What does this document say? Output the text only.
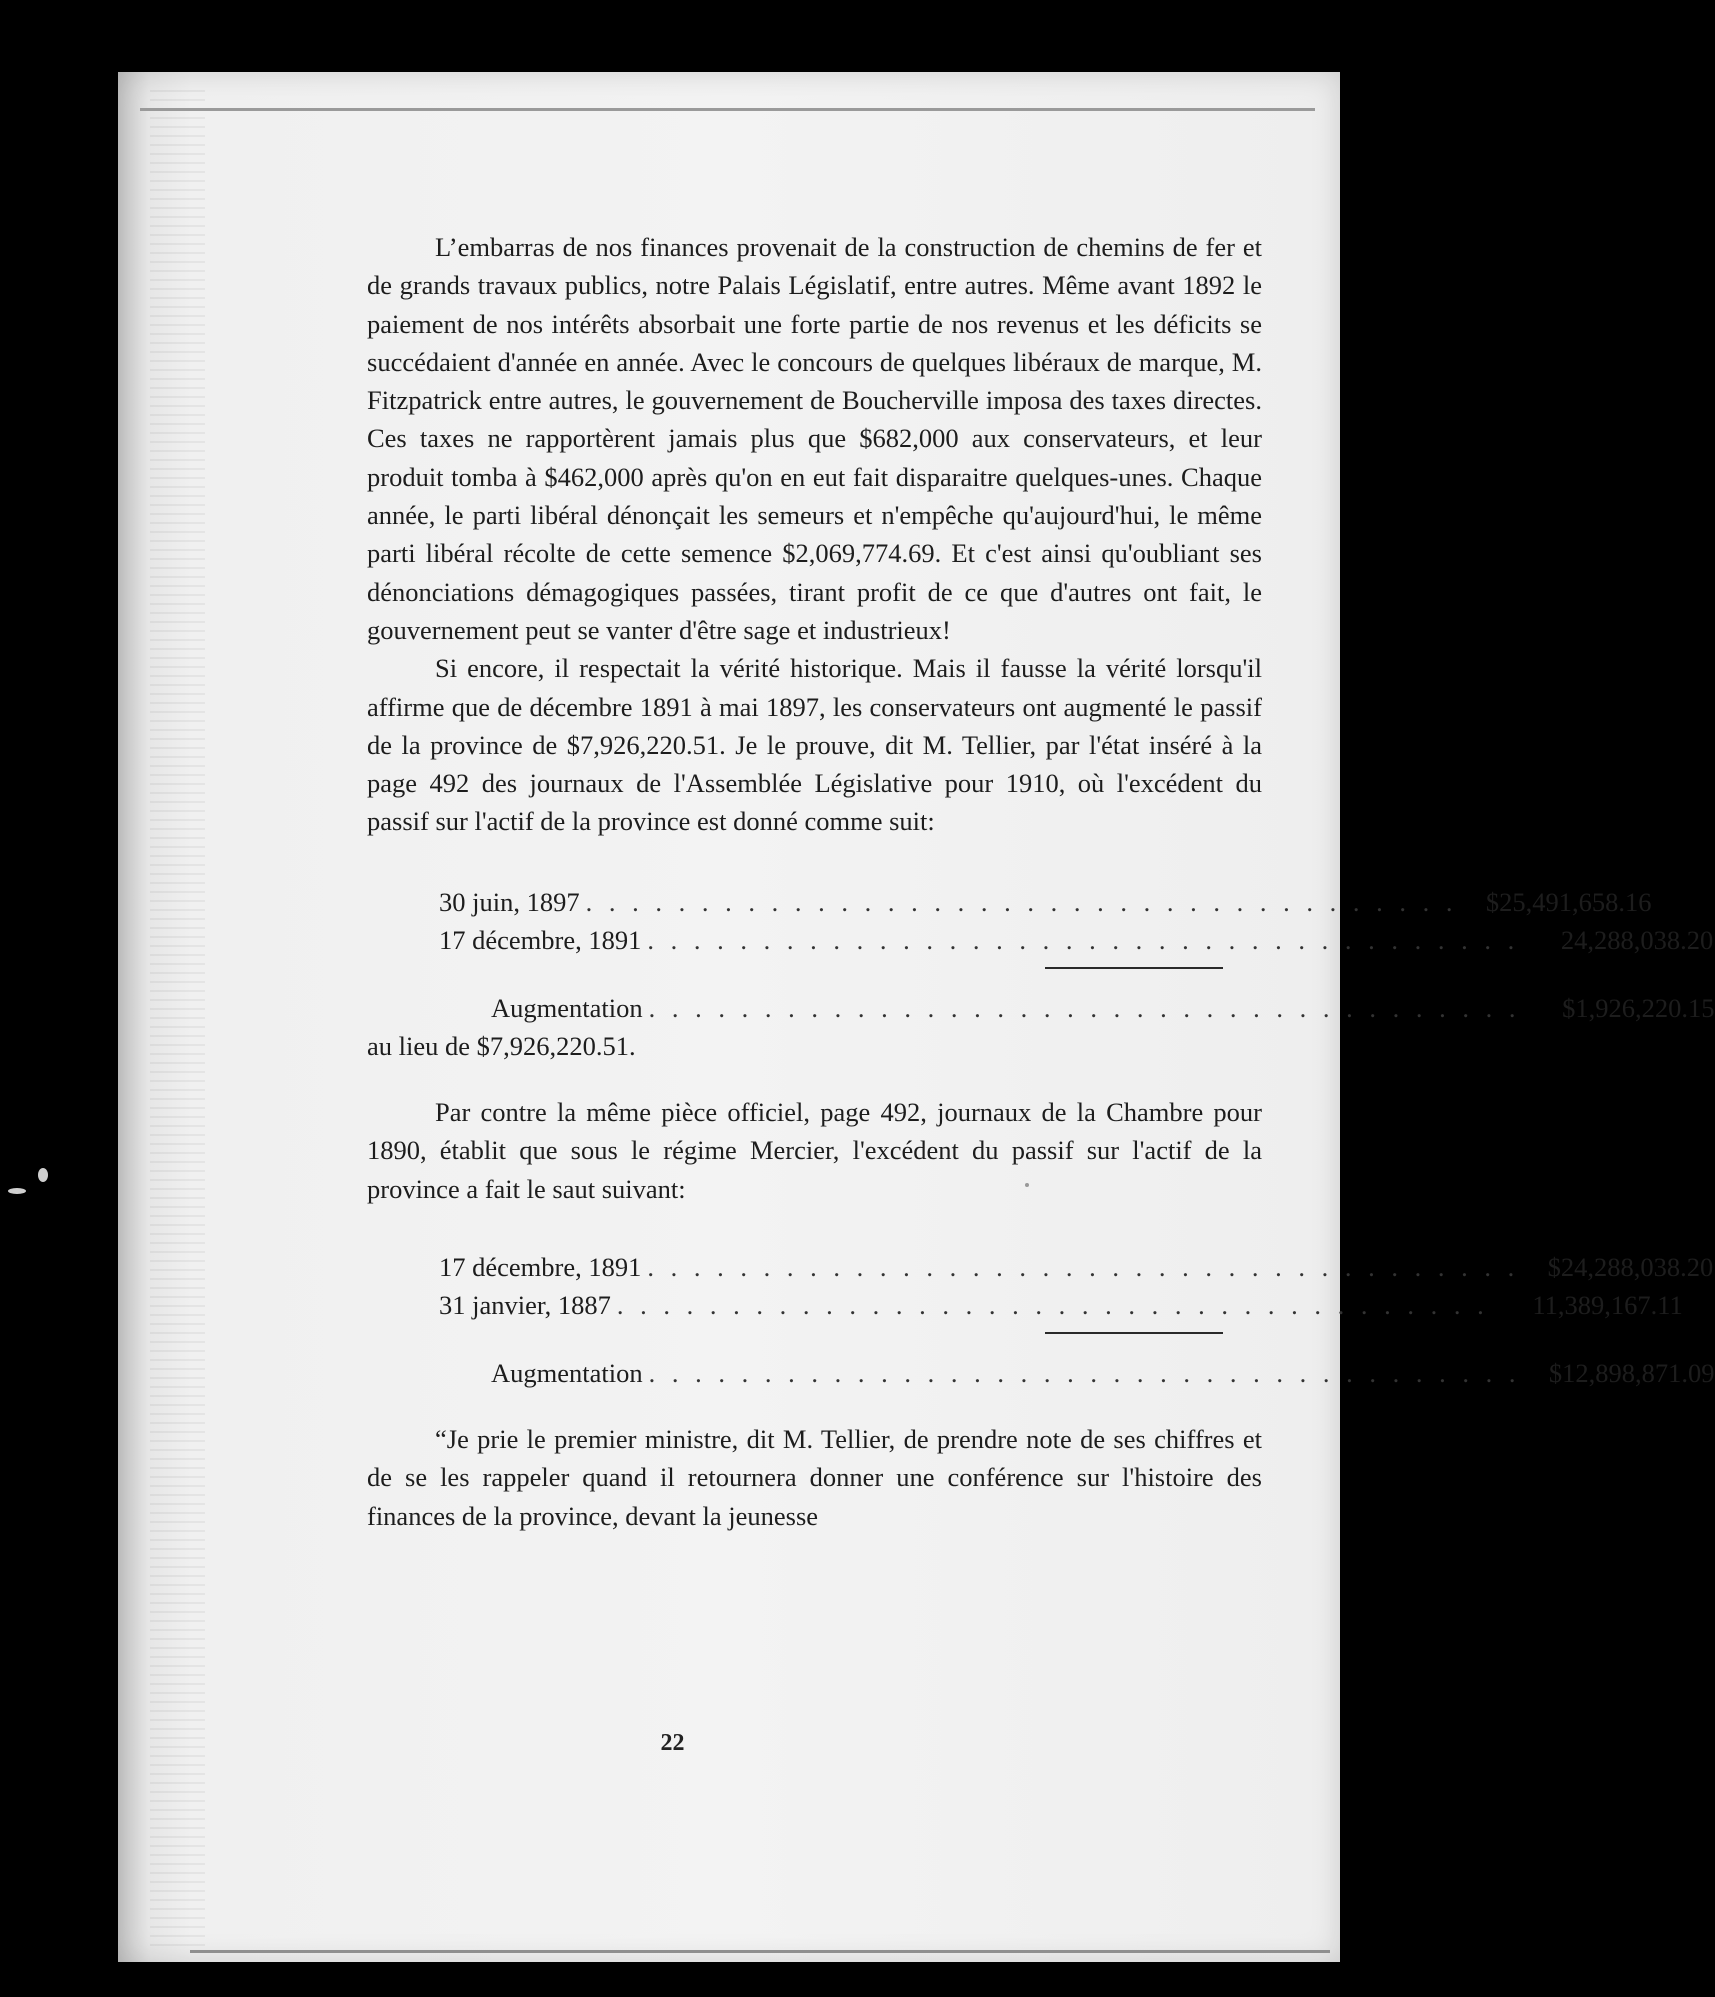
L’embarras de nos finances provenait de la construction de chemins de fer et de grands travaux publics, notre Palais Législatif, entre autres. Même avant 1892 le paiement de nos intérêts absorbait une forte partie de nos revenus et les déficits se succédaient d'année en année. Avec le concours de quelques libéraux de marque, M. Fitzpatrick entre autres, le gouvernement de Boucherville imposa des taxes directes. Ces taxes ne rapportèrent jamais plus que $682,000 aux conservateurs, et leur produit tomba à $462,000 après qu'on en eut fait disparaitre quelques-unes. Chaque année, le parti libéral dénonçait les semeurs et n'empêche qu'aujourd'hui, le même parti libéral récolte de cette semence $2,069,774.69. Et c'est ainsi qu'oubliant ses dénonciations démagogiques passées, tirant profit de ce que d'autres ont fait, le gouvernement peut se vanter d'être sage et industrieux!

Si encore, il respectait la vérité historique. Mais il fausse la vérité lorsqu'il affirme que de décembre 1891 à mai 1897, les conservateurs ont augmenté le passif de la province de $7,926,220.51. Je le prouve, dit M. Tellier, par l'état inséré à la page 492 des journaux de l'Assemblée Législative pour 1910, où l'excédent du passif sur l'actif de la province est donné comme suit:

30 juin, 1897 . . . . . . . . . . . . . . . . . . . . . . . . . . . . . . . . . . . . . .	$25,491,658.16
17 décembre, 1891 . . . . . . . . . . . . . . . . . . . . . . . . . . . . . . . . . . . . . .	24,288,038.20
Augmentation . . . . . . . . . . . . . . . . . . . . . . . . . . . . . . . . . . . . . .	$1,926,220.15
au lieu de $7,926,220.51.

Par contre la même pièce officiel, page 492, journaux de la Chambre pour 1890, établit que sous le régime Mercier, l'excédent du passif sur l'actif de la province a fait le saut suivant:

17 décembre, 1891 . . . . . . . . . . . . . . . . . . . . . . . . . . . . . . . . . . . . . .	$24,288,038.20
31 janvier, 1887 . . . . . . . . . . . . . . . . . . . . . . . . . . . . . . . . . . . . . .	11,389,167.11
Augmentation . . . . . . . . . . . . . . . . . . . . . . . . . . . . . . . . . . . . . .	$12,898,871.09

“Je prie le premier ministre, dit M. Tellier, de prendre note de ses chiffres et de se les rappeler quand il retournera donner une conférence sur l'histoire des finances de la province, devant la jeunesse

22
